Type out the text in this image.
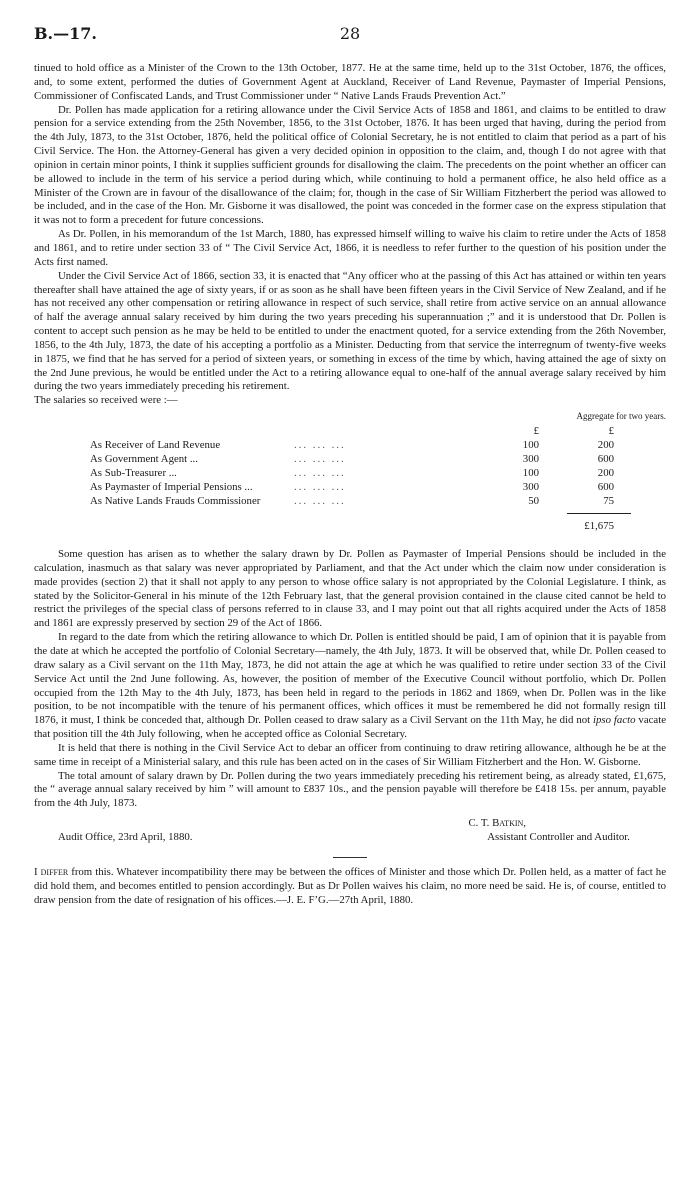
B.—17.	28

tinued to hold office as a Minister of the Crown to the 13th October, 1877. He at the same time, held up to the 31st October, 1876, the offices, and, to some extent, performed the duties of Government Agent at Auckland, Receiver of Land Revenue, Paymaster of Imperial Pensions, Commissioner of Confiscated Lands, and Trust Commissioner under “ Native Lands Frauds Prevention Act.”

Dr. Pollen has made application for a retiring allowance under the Civil Service Acts of 1858 and 1861, and claims to be entitled to draw pension for a service extending from the 25th November, 1856, to the 31st October, 1876. It has been urged that having, during the period from the 4th July, 1873, to the 31st October, 1876, held the political office of Colonial Secretary, he is not entitled to claim that period as a part of his Civil Service. The Hon. the Attorney-General has given a very decided opinion in opposition to the claim, and, though I do not agree with that opinion in certain minor points, I think it supplies sufficient grounds for disallowing the claim. The precedents on the point whether an officer can be allowed to include in the term of his service a period during which, while continuing to hold a permanent office, he also held office as a Minister of the Crown are in favour of the disallowance of the claim; for, though in the case of Sir William Fitzherbert the period was allowed to be included, and in the case of the Hon. Mr. Gisborne it was disallowed, the point was conceded in the former case on the express stipulation that it was not to form a precedent for future concessions.

As Dr. Pollen, in his memorandum of the 1st March, 1880, has expressed himself willing to waive his claim to retire under the Acts of 1858 and 1861, and to retire under section 33 of “ The Civil Service Act, 1866, it is needless to refer further to the question of his position under the Acts first named.

Under the Civil Service Act of 1866, section 33, it is enacted that “Any officer who at the passing of this Act has attained or within ten years thereafter shall have attained the age of sixty years, if or as soon as he shall have been fifteen years in the Civil Service of New Zealand, and if he has not received any other compensation or retiring allowance in respect of such service, shall retire from active service on an annual allowance of half the average annual salary received by him during the two years preceding his superannuation ;” and it is understood that Dr. Pollen is content to accept such pension as he may be held to be entitled to under the enactment quoted, for a service extending from the 26th November, 1856, to the 4th July, 1873, the date of his accepting a portfolio as a Minister. Deducting from that service the interregnum of twenty-five weeks in 1875, we find that he has served for a period of sixteen years, or something in excess of the time by which, having attained the age of sixty on the 2nd June previous, he would be entitled under the Act to a retiring allowance equal to one-half of the annual average salary received by him during the two years immediately preceding his retirement.

The salaries so received were :—

Aggregate for two years.
£	£
As Receiver of Land Revenue	... ... ...	100	200
As Government Agent ...	... ... ...	300	600
As Sub-Treasurer ...	... ... ...	100	200
As Paymaster of Imperial Pensions ...	... ... ...	300	600
As Native Lands Frauds Commissioner	... ... ...	50	75
£1,675

Some question has arisen as to whether the salary drawn by Dr. Pollen as Paymaster of Imperial Pensions should be included in the calculation, inasmuch as that salary was never appropriated by Parliament, and that the Act under which the claim now under consideration is made provides (section 2) that it shall not apply to any person to whose office salary is not appropriated by the Colonial Legislature. I think, as stated by the Solicitor-General in his minute of the 12th February last, that the general provision contained in the clause cited cannot be held to restrict the privileges of the special class of persons referred to in clause 33, and I may point out that all rights acquired under the Acts of 1858 and 1861 are expressly preserved by section 29 of the Act of 1866.

In regard to the date from which the retiring allowance to which Dr. Pollen is entitled should be paid, I am of opinion that it is payable from the date at which he accepted the portfolio of Colonial Secretary—namely, the 4th July, 1873. It will be observed that, while Dr. Pollen ceased to draw salary as a Civil servant on the 11th May, 1873, he did not attain the age at which he was qualified to retire under section 33 of the Civil Service Act until the 2nd June following. As, however, the position of member of the Executive Council without portfolio, which Dr. Pollen occupied from the 12th May to the 4th July, 1873, has been held in regard to the periods in 1862 and 1869, when Dr. Pollen was in the like position, to be not incompatible with the tenure of his permanent offices, which offices it must be remembered he did not formally resign till 1876, it must, I think be conceded that, although Dr. Pollen ceased to draw salary as a Civil Servant on the 11th May, he did not ipso facto vacate that position till the 4th July following, when he accepted office as Colonial Secretary.

It is held that there is nothing in the Civil Service Act to debar an officer from continuing to draw retiring allowance, although he be at the same time in receipt of a Ministerial salary, and this rule has been acted on in the cases of Sir William Fitzherbert and the Hon. W. Gisborne.

The total amount of salary drawn by Dr. Pollen during the two years immediately preceding his retirement being, as already stated, £1,675, the “ average annual salary received by him ” will amount to £837 10s., and the pension payable will therefore be £418 15s. per annum, payable from the 4th July, 1873.

C. T. Batkin,
Audit Office, 23rd April, 1880.	Assistant Controller and Auditor.

I differ from this. Whatever incompatibility there may be between the offices of Minister and those which Dr. Pollen held, as a matter of fact he did hold them, and becomes entitled to pension accordingly. But as Dr Pollen waives his claim, no more need be said. He is, of course, entitled to draw pension from the date of resignation of his offices.—J. E. F’G.—27th April, 1880.
